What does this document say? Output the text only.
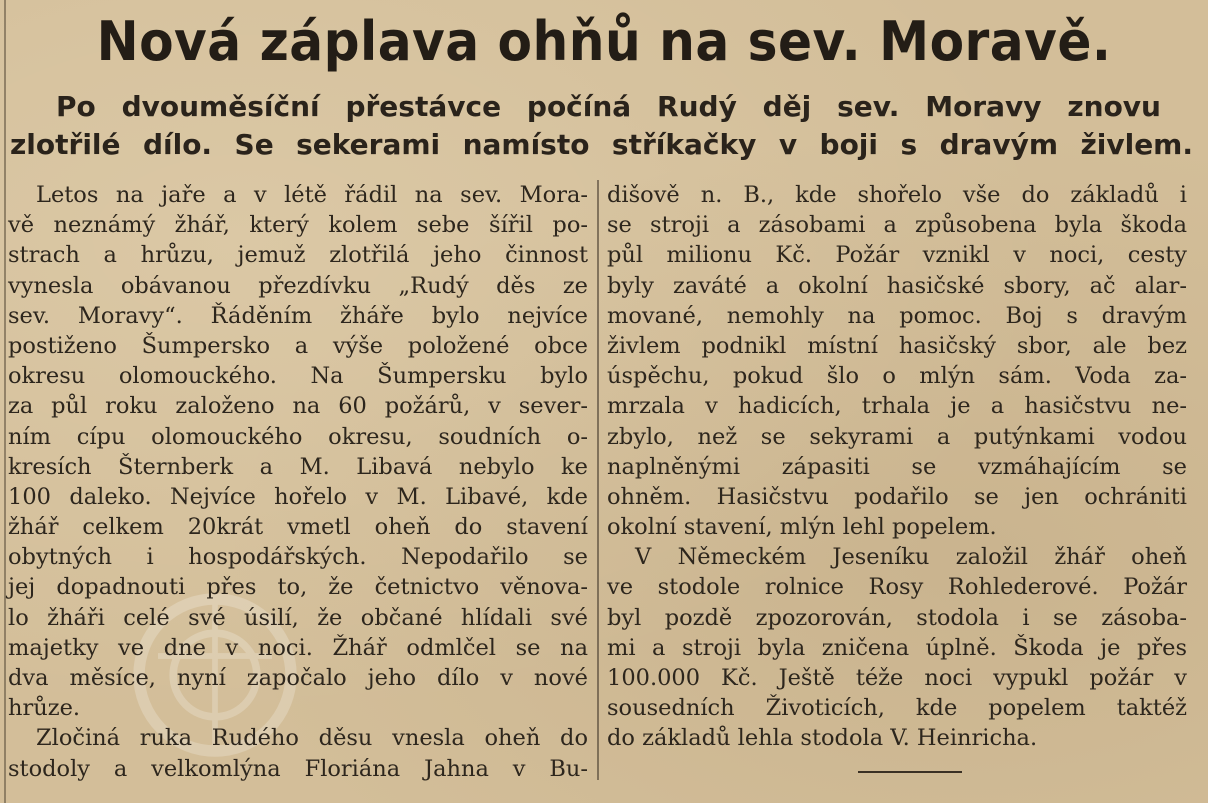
Nová záplava ohňů na sev. Moravě.
Po dvouměsíční přestávce počíná Rudý děj sev. Moravy znovu
zlotřilé dílo. Se sekerami namísto stříkačky v boji s dravým živlem.
Letos na jaře a v létě řádil na sev. Mora-
vě neznámý žhář, který kolem sebe šířil po-
strach a hrůzu, jemuž zlotřilá jeho činnost
vynesla obávanou přezdívku „Rudý děs ze
sev. Moravy“. Řáděním žháře bylo nejvíce
postiženo Šumpersko a výše položené obce
okresu olomouckého. Na Šumpersku bylo
za půl roku založeno na 60 požárů, v sever-
ním cípu olomouckého okresu, soudních o-
kresích Šternberk a M. Libavá nebylo ke
100 daleko. Nejvíce hořelo v M. Libavé, kde
žhář celkem 20krát vmetl oheň do stavení
obytných i hospodářských. Nepodařilo se
jej dopadnouti přes to, že četnictvo věnova-
lo žháři celé své úsilí, že občané hlídali své
majetky ve dne v noci. Žhář odmlčel se na
dva měsíce, nyní započalo jeho dílo v nové
hrůze.
Zločiná ruka Rudého děsu vnesla oheň do
stodoly a velkomlýna Floriána Jahna v Bu-
dišově n. B., kde shořelo vše do základů i
se stroji a zásobami a způsobena byla škoda
půl milionu Kč. Požár vznikl v noci, cesty
byly zaváté a okolní hasičské sbory, ač alar-
mované, nemohly na pomoc. Boj s dravým
živlem podnikl místní hasičský sbor, ale bez
úspěchu, pokud šlo o mlýn sám. Voda za-
mrzala v hadicích, trhala je a hasičstvu ne-
zbylo, než se sekyrami a putýnkami vodou
naplněnými zápasiti se vzmáhajícím se
ohněm. Hasičstvu podařilo se jen ochrániti
okolní stavení, mlýn lehl popelem.
V Německém Jeseníku založil žhář oheň
ve stodole rolnice Rosy Rohlederové. Požár
byl pozdě zpozorován, stodola i se zásoba-
mi a stroji byla zničena úplně. Škoda je přes
100.000 Kč. Ještě téže noci vypukl požár v
sousedních Životicích, kde popelem taktéž
do základů lehla stodola V. Heinricha.
